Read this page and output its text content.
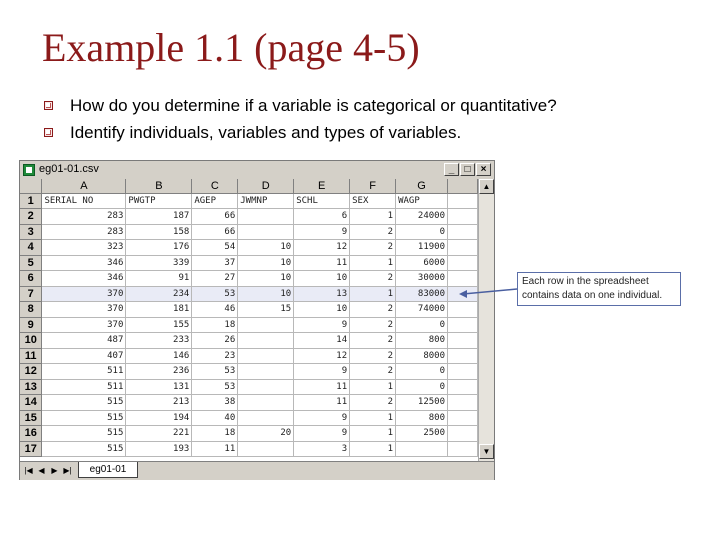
Example 1.1 (page 4-5)
How do you determine if a variable is categorical or quantitative?
Identify individuals, variables and types of variables.
eg01-01.csv	_	□	×
	A	B	C	D	E	F	G	
1	SERIAL NO	PWGTP	AGEP	JWMNP	SCHL	SEX	WAGP	
2	283	187	66		6	1	24000	
3	283	158	66		9	2	0	
4	323	176	54	10	12	2	11900	
5	346	339	37	10	11	1	6000	
6	346	91	27	10	10	2	30000	
7	370	234	53	10	13	1	83000	
8	370	181	46	15	10	2	74000	
9	370	155	18		9	2	0	
10	487	233	26		14	2	800	
11	407	146	23		12	2	8000	
12	511	236	53		9	2	0	
13	511	131	53		11	1	0	
14	515	213	38		11	2	12500	
15	515	194	40		9	1	800	
16	515	221	18	20	9	1	2500	
17	515	193	11		3	1		
▲
▼
|◀ ◀ ▶ ▶|	eg01-01
Each row in the spreadsheet
contains data on one individual.
